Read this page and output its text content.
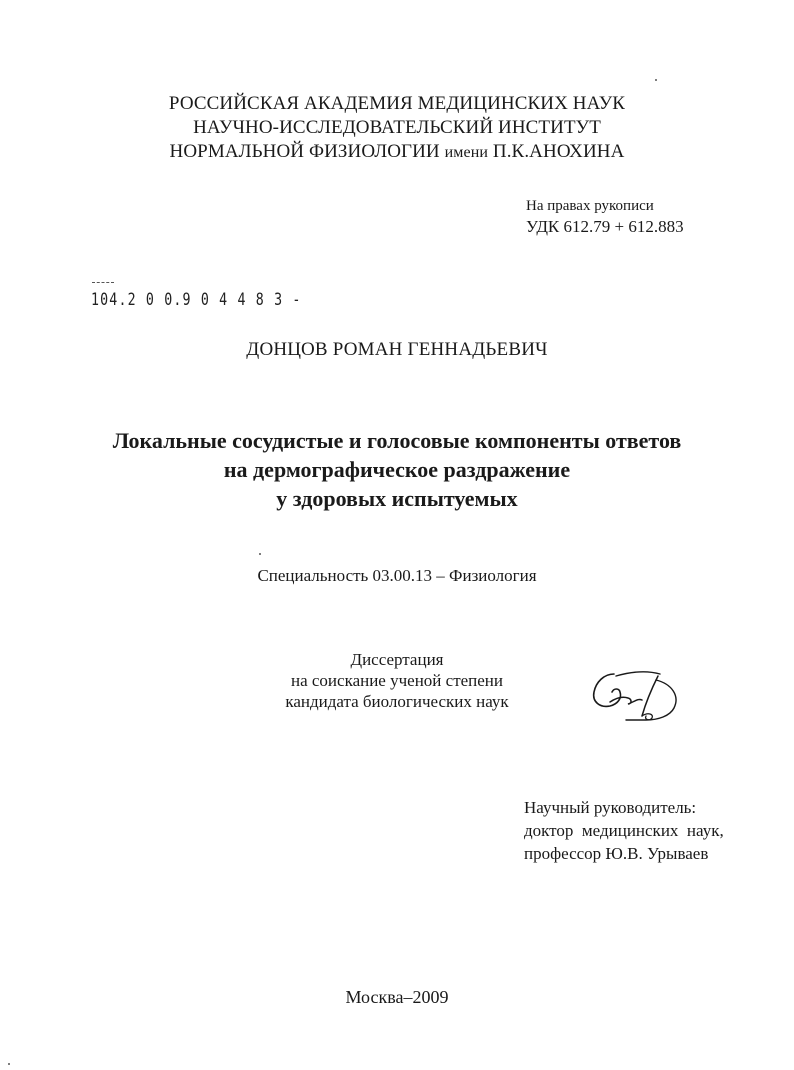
РОССИЙСКАЯ АКАДЕМИЯ МЕДИЦИНСКИХ НАУК
НАУЧНО-ИССЛЕДОВАТЕЛЬСКИЙ ИНСТИТУТ
НОРМАЛЬНОЙ ФИЗИОЛОГИИ имени П.К.АНОХИНА
На правах рукописи
УДК 612.79 + 612.883
104.2 0 0.9 0 4 4 8 3 -
ДОНЦОВ РОМАН ГЕННАДЬЕВИЧ
Локальные сосудистые и голосовые компоненты ответов
на дермографическое раздражение
у здоровых испытуемых
Специальность 03.00.13 – Физиология
Диссертация
на соискание ученой степени
кандидата биологических наук
Научный руководитель:
доктор  медицинских  наук,
профессор Ю.В. Урываев
Москва–2009
